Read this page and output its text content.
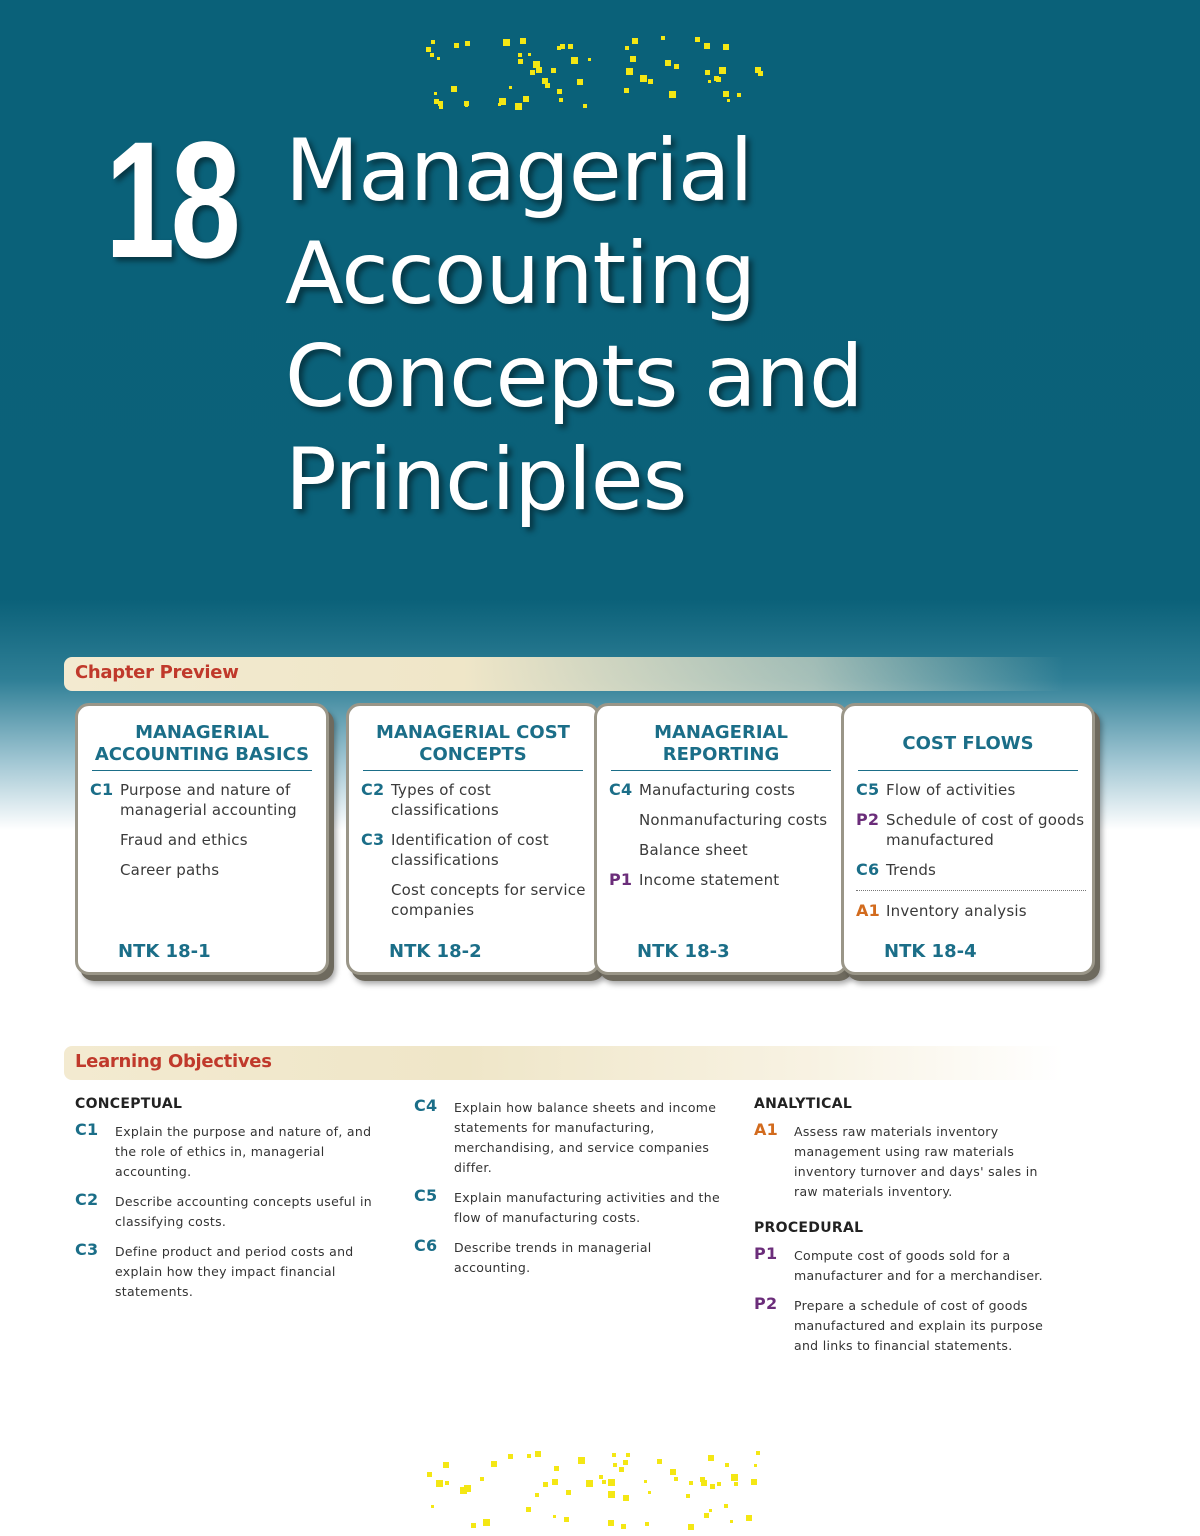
18 Managerial
Accounting
Concepts and
Principles
Chapter Preview
MANAGERIAL ACCOUNTING BASICS
C1 Purpose and nature of managerial accounting
Fraud and ethics
Career paths
NTK 18-1
MANAGERIAL COST CONCEPTS
C2 Types of cost classifications
C3 Identification of cost classifications
Cost concepts for service companies
NTK 18-2
MANAGERIAL REPORTING
C4 Manufacturing costs
Nonmanufacturing costs
Balance sheet
P1 Income statement
NTK 18-3
COST FLOWS
C5 Flow of activities
P2 Schedule of cost of goods manufactured
C6 Trends
A1 Inventory analysis
NTK 18-4
Learning Objectives
CONCEPTUAL
C1 Explain the purpose and nature of, and the role of ethics in, managerial accounting.
C2 Describe accounting concepts useful in classifying costs.
C3 Define product and period costs and explain how they impact financial statements.
C4 Explain how balance sheets and income statements for manufacturing, merchandising, and service companies differ.
C5 Explain manufacturing activities and the flow of manufacturing costs.
C6 Describe trends in managerial accounting.
ANALYTICAL
A1 Assess raw materials inventory management using raw materials inventory turnover and days' sales in raw materials inventory.
PROCEDURAL
P1 Compute cost of goods sold for a manufacturer and for a merchandiser.
P2 Prepare a schedule of cost of goods manufactured and explain its purpose and links to financial statements.
